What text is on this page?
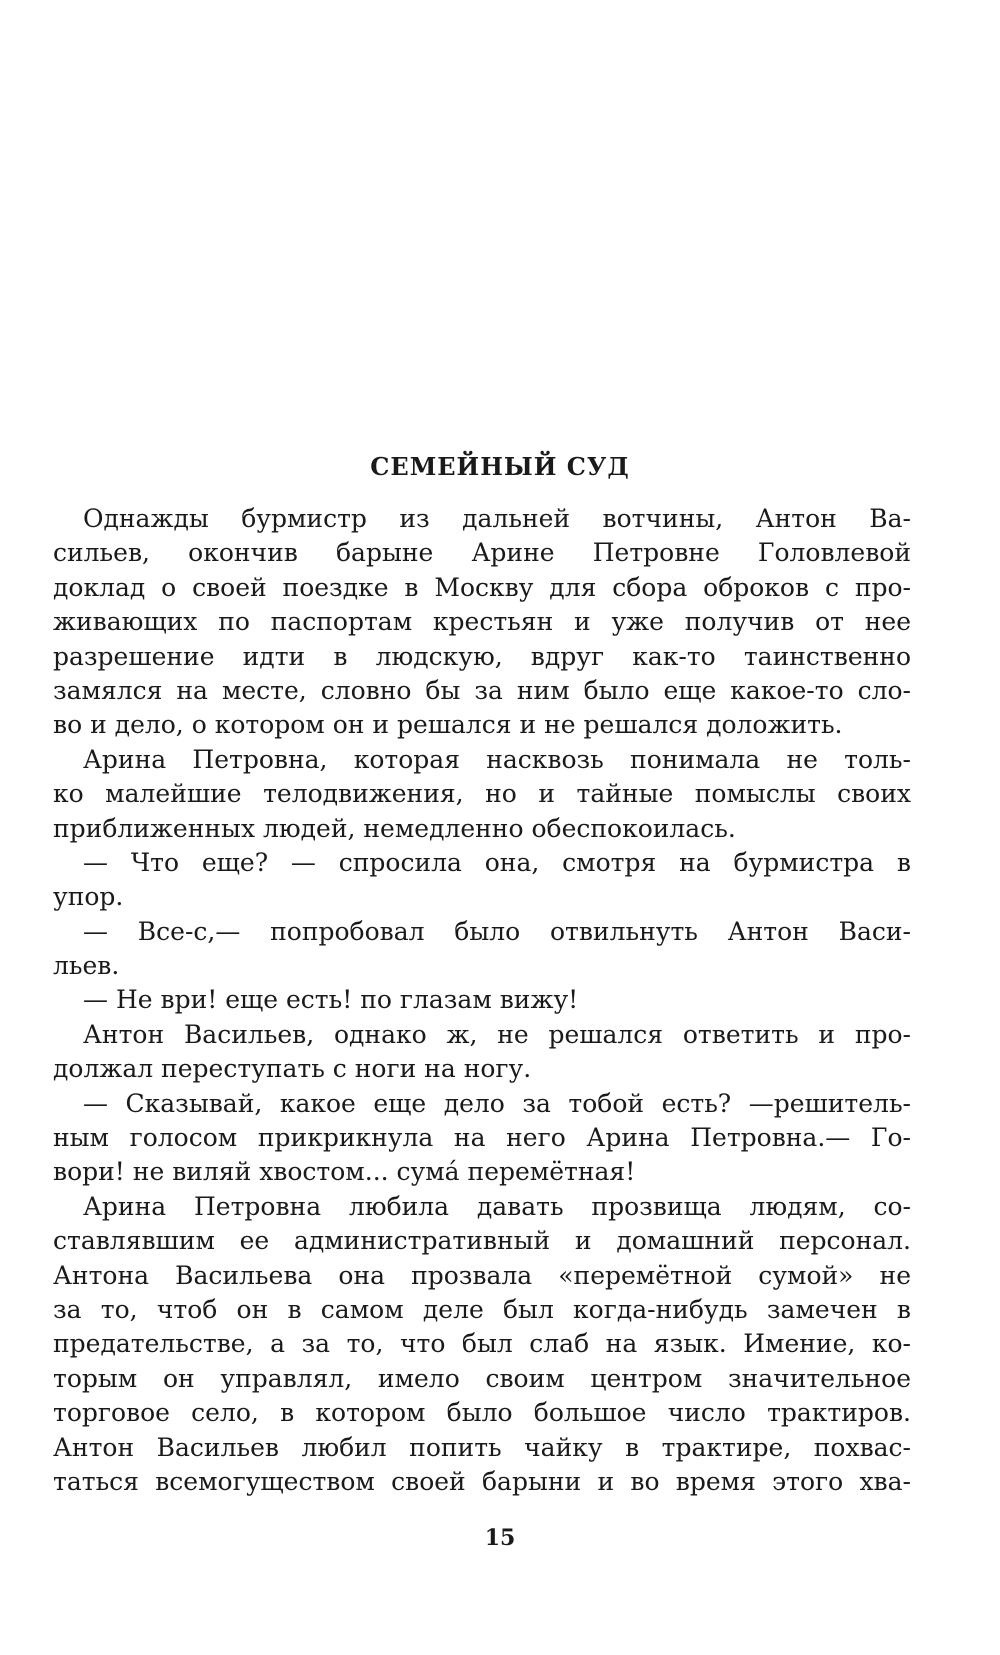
СЕМЕЙНЫЙ СУД
Однажды бурмистр из дальней вотчины, Антон Ва-
сильев, окончив барыне Арине Петровне Головлевой
доклад о своей поездке в Москву для сбора оброков с про-
живающих по паспортам крестьян и уже получив от нее
разрешение идти в людскую, вдруг как-то таинственно
замялся на месте, словно бы за ним было еще какое-то сло-
во и дело, о котором он и решался и не решался доложить.
Арина Петровна, которая насквозь понимала не толь-
ко малейшие телодвижения, но и тайные помыслы своих
приближенных людей, немедленно обеспокоилась.
— Что еще? — спросила она, смотря на бурмистра в
упор.
— Все-с,— попробовал было отвильнуть Антон Васи-
льев.
— Не ври! еще есть! по глазам вижу!
Антон Васильев, однако ж, не решался ответить и про-
должал переступать с ноги на ногу.
— Сказывай, какое еще дело за тобой есть? —решитель-
ным голосом прикрикнула на него Арина Петровна.— Го-
вори! не виляй хвостом... сумá перемётная!
Арина Петровна любила давать прозвища людям, со-
ставлявшим ее административный и домашний персонал.
Антона Васильева она прозвала «перемётной сумой» не
за то, чтоб он в самом деле был когда-нибудь замечен в
предательстве, а за то, что был слаб на язык. Имение, ко-
торым он управлял, имело своим центром значительное
торговое село, в котором было большое число трактиров.
Антон Васильев любил попить чайку в трактире, похвас-
таться всемогуществом своей барыни и во время этого хва-
15
